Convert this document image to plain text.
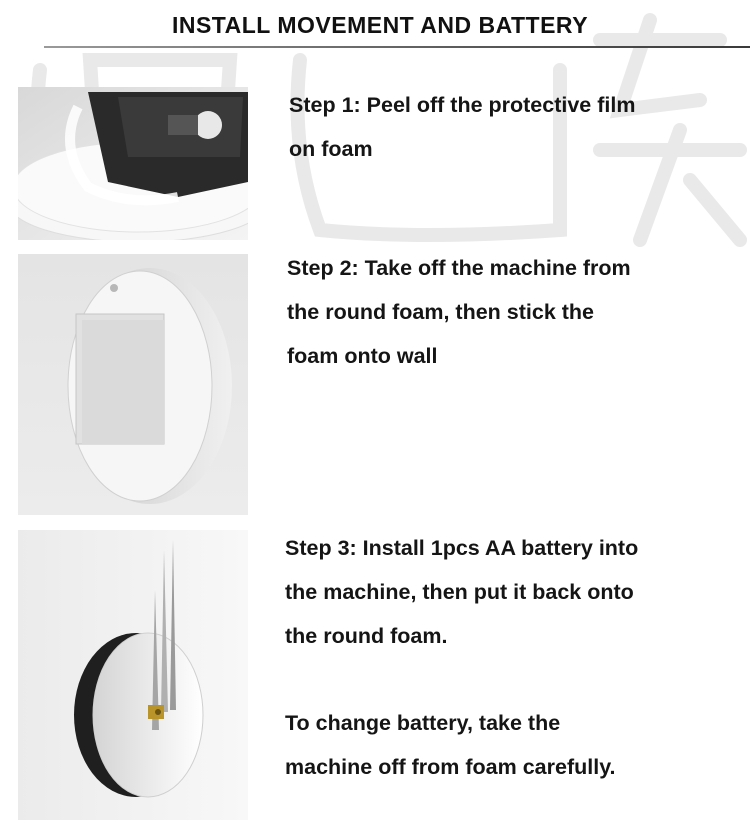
INSTALL MOVEMENT AND BATTERY
Step 1: Peel off the protective film
on foam
Step 2: Take off the machine from
the round foam, then stick the
foam onto wall
Step 3: Install 1pcs AA battery into
the machine, then put it back onto
the round foam.
To change battery, take the
machine off from foam carefully.
